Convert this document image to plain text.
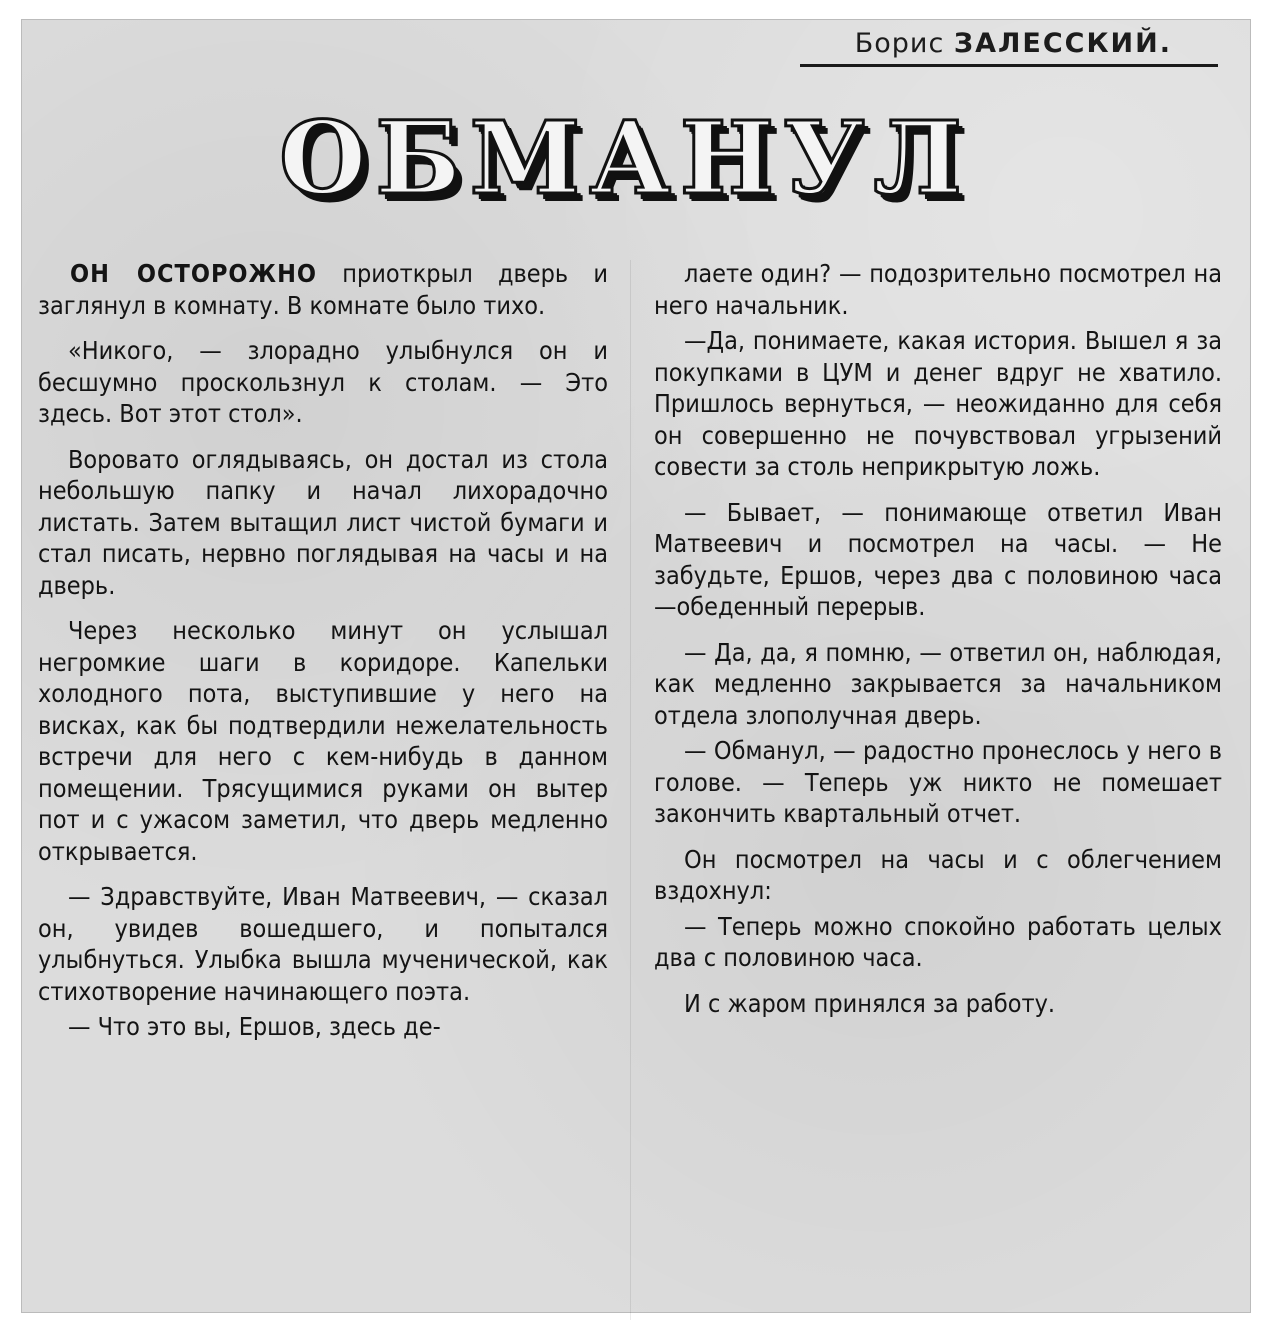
Борис ЗАЛЕССКИЙ.
ОБМАНУЛ

ОН ОСТОРОЖНО приоткрыл дверь и заглянул в комнату. В комнате было тихо.

«Никого, — злорадно улыбнулся он и бесшумно проскользнул к столам. — Это здесь. Вот этот стол».

Воровато оглядываясь, он достал из стола небольшую папку и начал лихорадочно листать. Затем вытащил лист чистой бумаги и стал писать, нервно поглядывая на часы и на дверь.

Через несколько минут он услышал негромкие шаги в коридоре. Капельки холодного пота, выступившие у него на висках, как бы подтвердили нежелательность встречи для него с кем-нибудь в данном помещении. Трясущимися руками он вытер пот и с ужасом заметил, что дверь медленно открывается.

— Здравствуйте, Иван Матвеевич, — сказал он, увидев вошедшего, и попытался улыбнуться. Улыбка вышла мученической, как стихотворение начинающего поэта.

— Что это вы, Ершов, здесь де-

лаете один? — подозрительно посмотрел на него начальник.

—Да, понимаете, какая история. Вышел я за покупками в ЦУМ и денег вдруг не хватило. Пришлось вернуться, — неожиданно для себя он совершенно не почувствовал угрызений совести за столь неприкрытую ложь.

— Бывает, — понимающе ответил Иван Матвеевич и посмотрел на часы. — Не забудьте, Ершов, через два с половиною часа —обеденный перерыв.

— Да, да, я помню, — ответил он, наблюдая, как медленно закрывается за начальником отдела злополучная дверь.

— Обманул, — радостно пронеслось у него в голове. — Теперь уж никто не помешает закончить квартальный отчет.

Он посмотрел на часы и с облегчением вздохнул:

— Теперь можно спокойно работать целых два с половиною часа.

И с жаром принялся за работу.
